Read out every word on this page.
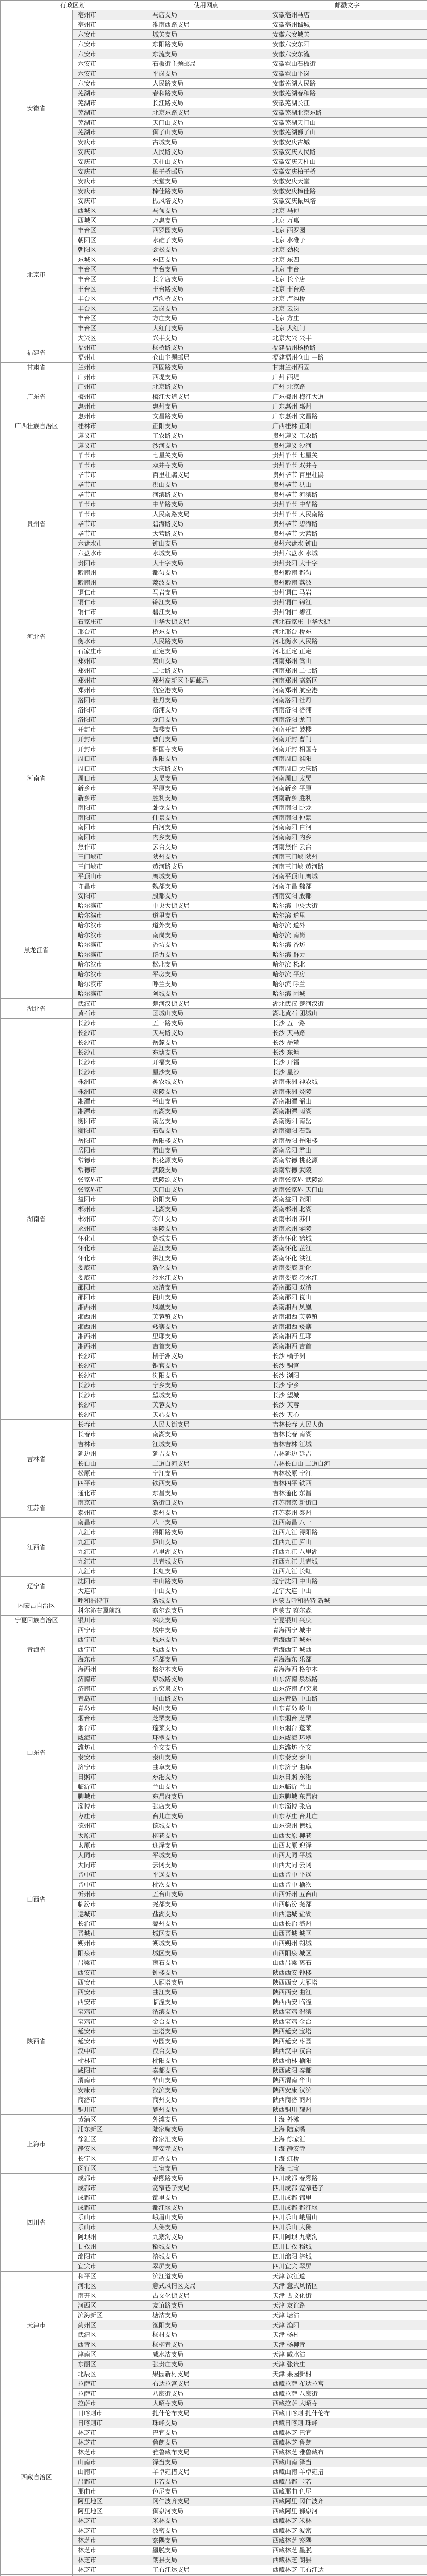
行政区划		使用网点	邮戳文字
安徽省	亳州市	马店支局	安徽亳州马店
	亳州市	准南西路支局	安徽亳州谯城
	六安市	城关支局	安徽六安城关
	六安市	东阳路支局	安徽六安东阳
	六安市	东流支局	安徽六安东流
	六安市	石板街主题邮局	安徽霍山石板街
	六安市	平岗支局	安徽霍山平岗
	六安市	人民路支局	安徽芜湖人民路
	芜湖市	春和路支局	安徽芜湖春和路
	芜湖市	长江路支局	安徽芜湖长江
	芜湖市	北京东路支局	安徽芜湖北京东路
	芜湖市	天门山支局	安徽芜湖天门山
	芜湖市	狮子山支局	安徽芜湖狮子山
	安庆市	古城支局	安徽安庆古城
	安庆市	人民路支局	安徽安庆人民路
	安庆市	天柱山支局	安徽安庆天柱山
	安庆市	柏子桥邮局	安徽安庆柏子桥
	安庆市	天堂支局	安徽安庆天堂
	安庆市	棒佳路支局	安徽安庆棒佳路
	安庆市	振风塔支局	安徽安庆振风塔
北京市	西城区	马甸支局	北京 马甸
	西城区	万惠支局	北京 万惠
	丰台区	西罗园支局	北京 西罗园
	朝阳区	水碓子支局	北京 水碓子
	朝阳区	劲松支局	北京 劲松
	东城区	东四支局	北京 东四
	丰台区	丰台支局	北京 丰台
	丰台区	长辛店支局	北京 长辛店
	丰台区	丰台路支局	北京 丰台路
	丰台区	卢沟桥支局	北京 卢沟桥
	丰台区	云岗支局	北京 云岗
	丰台区	方庄支局	北京 方庄
	丰台区	大红门支局	北京 大红门
	大兴区	兴丰支局	北京大兴 兴丰
福建省	福州市	杨桥路支局	福建福州杨桥路
	福州市	仓山主题邮局	福建福州仓山 一路
甘肃省	兰州市	西固路支局	甘肃兰州西固
广东省	广州市	西堤支局	广州 西堤
	广州市	北京路支局	广州 北京路
	梅州市	梅江大道支局	广东梅州 梅江大道
	惠州市	惠州支局	广东惠州 惠州
	惠州市	文昌路支局	广东惠州 文昌路
广西壮族自治区	桂林市	正阳支局	广西桂林 正阳
贵州省	遵义市	工农路支局	贵州遵义 工农路
	遵义市	沙河支局	贵州遵义 沙河
	毕节市	七星关支局	贵州毕节 七星关
	毕节市	双井寺支局	贵州毕节 双井寺
	毕节市	百里杜鹃支局	贵州毕节 百里杜鹃
	毕节市	洪山支局	贵州毕节 洪山
	毕节市	河滨路支局	贵州毕节 河滨路
	毕节市	中华路支局	贵州毕节 中华路
	毕节市	人民南路支局	贵州毕节 人民南路
	毕节市	碧海路支局	贵州毕节 碧海路
	毕节市	大营路支局	贵州毕节 大营路
	六盘水市	钟山支局	贵州六盘水 钟山
	六盘水市	水城支局	贵州六盘水 水城
	贵阳市	大十字支局	贵州贵阳 大十字
	黔南州	都匀支局	贵州黔南 都匀
	黔南州	荔波支局	贵州黔南 荔波
	铜仁市	马岩支局	贵州铜仁 马岩
	铜仁市	锦江支局	贵州铜仁 锦江
	铜仁市	碧江支局	贵州铜仁 碧江
河北省	石家庄市	中华大街支局	河北石家庄 中华大街
	邢台市	桥东支局	河北邢台 桥东
	衡水市	人民路支局	河北衡水 人民路
	石家庄市	正定支局	河北正定 正定
河南省	郑州市	嵩山支局	河南郑州 嵩山
	郑州市	二七路支局	河南郑州 二七路
	郑州市	郑州高新区主题邮局	河南郑州 高新区
	郑州市	航空港支局	河南郑州 航空港
	洛阳市	牡丹支局	河南洛阳 牡丹
	洛阳市	洛浦支局	河南洛阳 洛浦
	洛阳市	龙门支局	河南洛阳 龙门
	开封市	鼓楼支局	河南开封 鼓楼
	开封市	曹门支局	河南开封 曹门
	开封市	相国寺支局	河南开封 相国寺
	周口市	淮阳支局	河南周口 淮阳
	周口市	大庆路支局	河南周口 大庆路
	周口市	太昊支局	河南周口 太昊
	新乡市	平原支局	河南新乡 平原
	新乡市	胜利支局	河南新乡 胜利
	南阳市	卧龙支局	河南南阳 卧龙
	南阳市	仲景支局	河南南阳 仲景
	南阳市	白河支局	河南南阳 白河
	南阳市	内乡支局	河南南阳 内乡
	焦作市	云台支局	河南焦作 云台
	三门峡市	陕州支局	河南三门峡 陕州
	三门峡市	黄河路支局	河南三门峡 黄河路
	平顶山市	鹰城支局	河南平顶山 鹰城
	许昌市	魏都支局	河南许昌 魏都
	安阳市	殷都支局	河南安阳 殷都
黑龙江省	哈尔滨市	中央大街支局	哈尔滨 中央大街
	哈尔滨市	道里支局	哈尔滨 道里
	哈尔滨市	道外支局	哈尔滨 道外
	哈尔滨市	南岗支局	哈尔滨 南岗
	哈尔滨市	香坊支局	哈尔滨 香坊
	哈尔滨市	群力支局	哈尔滨 群力
	哈尔滨市	松北支局	哈尔滨 松北
	哈尔滨市	平房支局	哈尔滨 平房
	哈尔滨市	呼兰支局	哈尔滨 呼兰
	哈尔滨市	阿城支局	哈尔滨 阿城
湖北省	武汉市	楚河汉街支局	湖北武汉 楚河汉街
	黄石市	团城山支局	湖北黄石 团城山
湖南省	长沙市	五一路支局	长沙 五一路
	长沙市	天马路支局	长沙 天马路
	长沙市	岳麓支局	长沙 岳麓
	长沙市	东塘支局	长沙 东塘
	长沙市	开福支局	长沙 开福
	长沙市	星沙支局	长沙 星沙
	株洲市	神农城支局	湖南株洲 神农城
	株洲市	炎陵支局	湖南株洲 炎陵
	湘潭市	韶山支局	湖南湘潭 韶山
	湘潭市	雨湖支局	湖南湘潭 雨湖
	衡阳市	南岳支局	湖南衡阳 南岳
	衡阳市	石鼓支局	湖南衡阳 石鼓
	岳阳市	岳阳楼支局	湖南岳阳 岳阳楼
	岳阳市	君山支局	湖南岳阳 君山
	常德市	桃花源支局	湖南常德 桃花源
	常德市	武陵支局	湖南常德 武陵
	张家界市	武陵源支局	湖南张家界 武陵源
	张家界市	天门山支局	湖南张家界 天门山
	益阳市	资阳支局	湖南益阳 资阳
	郴州市	北湖支局	湖南郴州 北湖
	郴州市	苏仙支局	湖南郴州 苏仙
	永州市	零陵支局	湖南永州 零陵
	怀化市	鹤城支局	湖南怀化 鹤城
	怀化市	芷江支局	湖南怀化 芷江
	怀化市	洪江支局	湖南怀化 洪江
	娄底市	新化支局	湖南娄底 新化
	娄底市	冷水江支局	湖南娄底 冷水江
	邵阳市	双清支局	湖南邵阳 双清
	邵阳市	崀山支局	湖南邵阳 崀山
	湘西州	凤凰支局	湖南湘西 凤凰
	湘西州	芙蓉镇支局	湖南湘西 芙蓉镇
	湘西州	矮寨支局	湖南湘西 矮寨
	湘西州	里耶支局	湖南湘西 里耶
	湘西州	吉首支局	湖南湘西 吉首
	长沙市	橘子洲支局	长沙 橘子洲
	长沙市	铜官支局	长沙 铜官
	长沙市	浏阳支局	长沙 浏阳
	长沙市	宁乡支局	长沙 宁乡
	长沙市	望城支局	长沙 望城
	长沙市	芙蓉支局	长沙 芙蓉
	长沙市	天心支局	长沙 天心
吉林省	长春市	人民大街支局	吉林长春 人民大街
	长春市	南湖支局	吉林长春 南湖
	吉林市	江城支局	吉林吉林 江城
	延边州	延吉支局	吉林延边 延吉
	长白山	二道白河支局	吉林长白山 二道白河
	松原市	宁江支局	吉林松原 宁江
	四平市	铁西支局	吉林四平 铁西
	通化市	东昌支局	吉林通化 东昌
江苏省	南京市	新街口支局	江苏南京 新街口
	泰州市	泰州支局	江苏泰州 泰州
江西省	南昌市	八一支局	江西南昌 八一
	九江市	浔阳路支局	江西九江 浔阳路
	九江市	庐山支局	江西九江 庐山
	九江市	八里湖支局	江西九江 八里湖
	九江市	共青城支局	江西九江 共青城
	九江市	长虹支局	江西九江 长虹
辽宁省	沈阳市	中山路支局	辽宁沈阳 中山路
	大连市	中山支局	辽宁大连 中山
内蒙古自治区	呼和浩特市	新城支局	内蒙古呼和浩特 新城
	科尔沁右翼前旗	察尔森支局	内蒙古 察尔森
宁夏回族自治区	银川市	兴庆支局	宁夏银川 兴庆
青海省	西宁市	城中支局	青海西宁 城中
	西宁市	城东支局	青海西宁 城东
	西宁市	城西支局	青海西宁 城西
	海东市	乐都支局	青海海东 乐都
	海西州	格尔木支局	青海海西 格尔木
山东省	济南市	泉城路支局	山东济南 泉城路
	济南市	趵突泉支局	山东济南 趵突泉
	青岛市	中山路支局	山东青岛 中山路
	青岛市	崂山支局	山东青岛 崂山
	烟台市	芝罘支局	山东烟台 芝罘
	烟台市	蓬莱支局	山东烟台 蓬莱
	威海市	环翠支局	山东威海 环翠
	潍坊市	奎文支局	山东潍坊 奎文
	泰安市	泰山支局	山东泰安 泰山
	济宁市	曲阜支局	山东济宁 曲阜
	日照市	东港支局	山东日照 东港
	临沂市	兰山支局	山东临沂 兰山
	聊城市	东昌府支局	山东聊城 东昌府
	淄博市	张店支局	山东淄博 张店
	枣庄市	台儿庄支局	山东枣庄 台儿庄
	德州市	德城支局	山东德州 德城
山西省	太原市	柳巷支局	山西太原 柳巷
	太原市	迎泽支局	山西太原 迎泽
	大同市	平城支局	山西大同 平城
	大同市	云冈支局	山西大同 云冈
	晋中市	平遥支局	山西晋中 平遥
	晋中市	榆次支局	山西晋中 榆次
	忻州市	五台山支局	山西忻州 五台山
	临汾市	尧都支局	山西临汾 尧都
	运城市	盐湖支局	山西运城 盐湖
	长治市	潞州支局	山西长治 潞州
	晋城市	城区支局	山西晋城 城区
	朔州市	朔城支局	山西朔州 朔城
	阳泉市	城区支局	山西阳泉 城区
	吕梁市	离石支局	山西吕梁 离石
陕西省	西安市	钟楼支局	陕西西安 钟楼
	西安市	大雁塔支局	陕西西安 大雁塔
	西安市	曲江支局	陕西西安 曲江
	西安市	临潼支局	陕西西安 临潼
	宝鸡市	渭滨支局	陕西宝鸡 渭滨
	宝鸡市	金台支局	陕西宝鸡 金台
	延安市	宝塔支局	陕西延安 宝塔
	延安市	枣园支局	陕西延安 枣园
	汉中市	汉台支局	陕西汉中 汉台
	榆林市	榆阳支局	陕西榆林 榆阳
	咸阳市	秦都支局	陕西咸阳 秦都
	渭南市	华山支局	陕西渭南 华山
	安康市	汉滨支局	陕西安康 汉滨
	商洛市	商州支局	陕西商洛 商州
	铜川市	耀州支局	陕西铜川 耀州
上海市	黄浦区	外滩支局	上海 外滩
	浦东新区	陆家嘴支局	上海 陆家嘴
	徐汇区	徐家汇支局	上海 徐家汇
	静安区	静安寺支局	上海 静安寺
	长宁区	虹桥支局	上海 虹桥
	闵行区	七宝支局	上海 七宝
四川省	成都市	春熙路支局	四川成都 春熙路
	成都市	宽窄巷子支局	四川成都 宽窄巷子
	成都市	锦里支局	四川成都 锦里
	成都市	都江堰支局	四川成都 都江堰
	乐山市	峨眉山支局	四川乐山 峨眉山
	乐山市	大佛支局	四川乐山 大佛
	阿坝州	九寨沟支局	四川阿坝 九寨沟
	甘孜州	稻城支局	四川甘孜 稻城
	绵阳市	涪城支局	四川绵阳 涪城
	宜宾市	翠屏支局	四川宜宾 翠屏
天津市	和平区	滨江道支局	天津 滨江道
	河北区	意式风情区支局	天津 意式风情区
	南开区	古文化街支局	天津 古文化街
	河西区	友谊路支局	天津 友谊路
	滨海新区	塘沽支局	天津 塘沽
	蓟州区	渔阳支局	天津 渔阳
	武清区	杨村支局	天津 杨村
	西青区	杨柳青支局	天津 杨柳青
	津南区	咸水沽支局	天津 咸水沽
	东丽区	张贵庄支局	天津 张贵庄
	北辰区	果园新村支局	天津 果园新村
西藏自治区	拉萨市	布达拉宫支局	西藏拉萨 布达拉宫
	拉萨市	八廓街支局	西藏拉萨 八廓街
	拉萨市	大昭寺支局	西藏拉萨 大昭寺
	日喀则市	扎什伦布支局	西藏日喀则 扎什伦布
	日喀则市	珠峰支局	西藏日喀则 珠峰
	林芝市	巴宜支局	西藏林芝 巴宜
	林芝市	鲁朗支局	西藏林芝 鲁朗
	林芝市	雅鲁藏布支局	西藏林芝 雅鲁藏布
	山南市	泽当支局	西藏山南 泽当
	山南市	羊卓雍措支局	西藏山南 羊卓雍措
	昌都市	卡若支局	西藏昌都 卡若
	那曲市	色尼支局	西藏那曲 色尼
	阿里地区	冈仁波齐支局	西藏阿里 冈仁波齐
	阿里地区	狮泉河支局	西藏阿里 狮泉河
	林芝市	米林支局	西藏林芝 米林
	林芝市	波密支局	西藏林芝 波密
	林芝市	察隅支局	西藏林芝 察隅
	林芝市	墨脱支局	西藏林芝 墨脱
	林芝市	朗县支局	西藏林芝 朗县
	林芝市	工布江达支局	西藏林芝 工布江达
